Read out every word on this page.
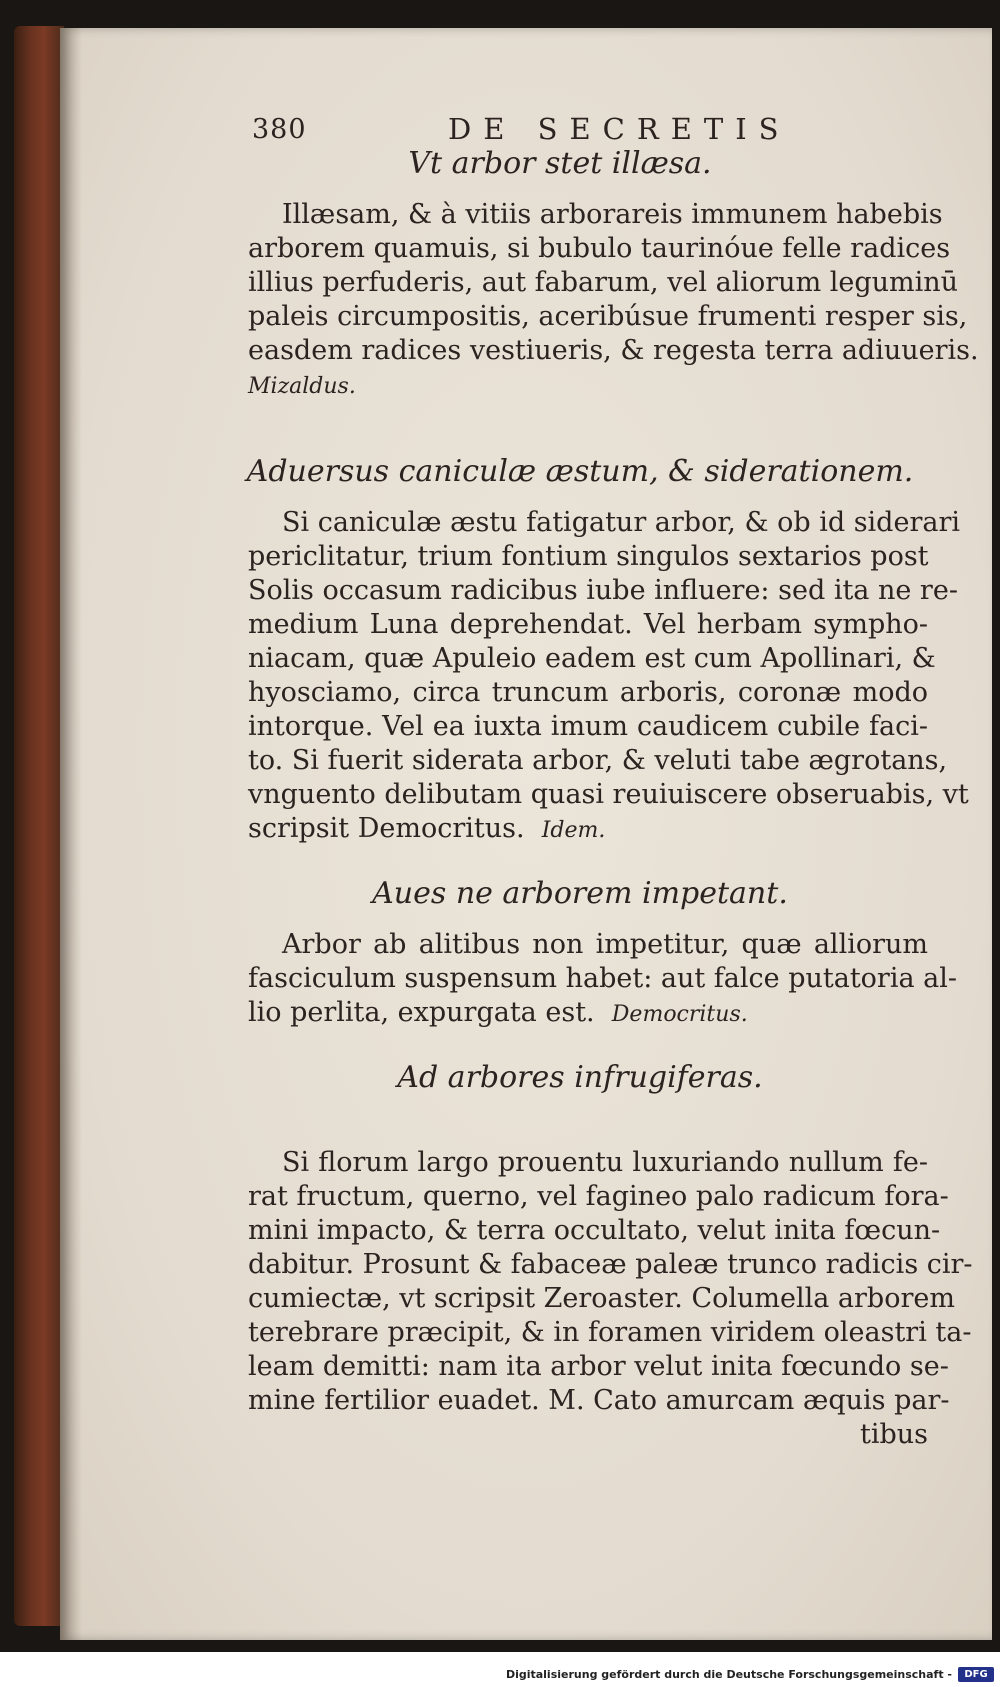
380	DE SECRETIS

Vt arbor stet illæsa.

Illæsam, & à vitiis arborareis immunem habebis
arborem quamuis, si bubulo taurinóue felle radices
illius perfuderis, aut fabarum, vel aliorum leguminū
paleis circumpositis, aceribúsue frumenti resper sis,
easdem radices vestiueris, & regesta terra adiuueris.
Mizaldus.

Aduersus caniculæ æstum, & siderationem.

Si caniculæ æstu fatigatur arbor, & ob id siderari
periclitatur, trium fontium singulos sextarios post
Solis occasum radicibus iube influere: sed ita ne re-
medium Luna deprehendat. Vel herbam sympho-
niacam, quæ Apuleio eadem est cum Apollinari, &
hyosciamo, circa truncum arboris, coronæ modo
intorque. Vel ea iuxta imum caudicem cubile faci-
to. Si fuerit siderata arbor, & veluti tabe ægrotans,
vnguento delibutam quasi reuiuiscere obseruabis, vt
scripsit Democritus. Idem.

Aues ne arborem impetant.

Arbor ab alitibus non impetitur, quæ alliorum
fasciculum suspensum habet: aut falce putatoria al-
lio perlita, expurgata est. Democritus.

Ad arbores infrugiferas.

Si florum largo prouentu luxuriando nullum fe-
rat fructum, querno, vel fagineo palo radicum fora-
mini impacto, & terra occultato, velut inita fœcun-
dabitur. Prosunt & fabaceæ paleæ trunco radicis cir-
cumiectæ, vt scripsit Zeroaster. Columella arborem
terebrare præcipit, & in foramen viridem oleastri ta-
leam demitti: nam ita arbor velut inita fœcundo se-
mine fertilior euadet. M. Cato amurcam æquis par-
tibus
Digitalisierung gefördert durch die Deutsche Forschungsgemeinschaft -	DFG
